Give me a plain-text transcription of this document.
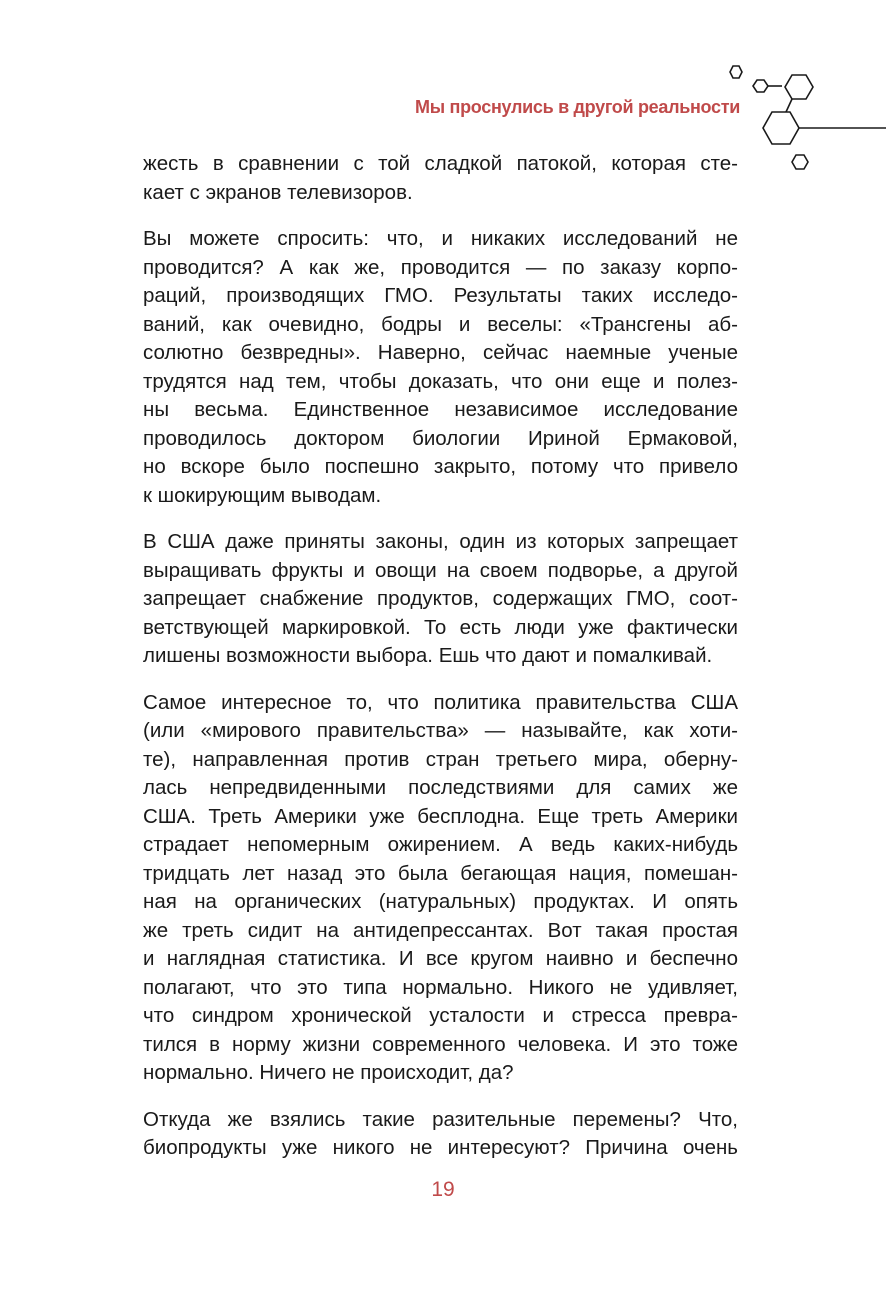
Мы проснулись в другой реальности

жесть в сравнении с той сладкой патокой, которая сте-
кает с экранов телевизоров.

Вы можете спросить: что, и никаких исследований не
проводится? А как же, проводится — по заказу корпо-
раций, производящих ГМО. Результаты таких исследо-
ваний, как очевидно, бодры и веселы: «Трансгены аб-
солютно безвредны». Наверно, сейчас наемные ученые
трудятся над тем, чтобы доказать, что они еще и полез-
ны весьма. Единственное независимое исследование
проводилось доктором биологии Ириной Ермаковой,
но вскоре было поспешно закрыто, потому что привело
к шокирующим выводам.

В США даже приняты законы, один из которых запрещает
выращивать фрукты и овощи на своем подворье, а другой
запрещает снабжение продуктов, содержащих ГМО, соот-
ветствующей маркировкой. То есть люди уже фактически
лишены возможности выбора. Ешь что дают и помалкивай.

Самое интересное то, что политика правительства США
(или «мирового правительства» — называйте, как хоти-
те), направленная против стран третьего мира, оберну-
лась непредвиденными последствиями для самих же
США. Треть Америки уже бесплодна. Еще треть Америки
страдает непомерным ожирением. А ведь каких-нибудь
тридцать лет назад это была бегающая нация, помешан-
ная на органических (натуральных) продуктах. И опять
же треть сидит на антидепрессантах. Вот такая простая
и наглядная статистика. И все кругом наивно и беспечно
полагают, что это типа нормально. Никого не удивляет,
что синдром хронической усталости и стресса превра-
тился в норму жизни современного человека. И это тоже
нормально. Ничего не происходит, да?

Откуда же взялись такие разительные перемены? Что,
биопродукты уже никого не интересуют? Причина очень

19
